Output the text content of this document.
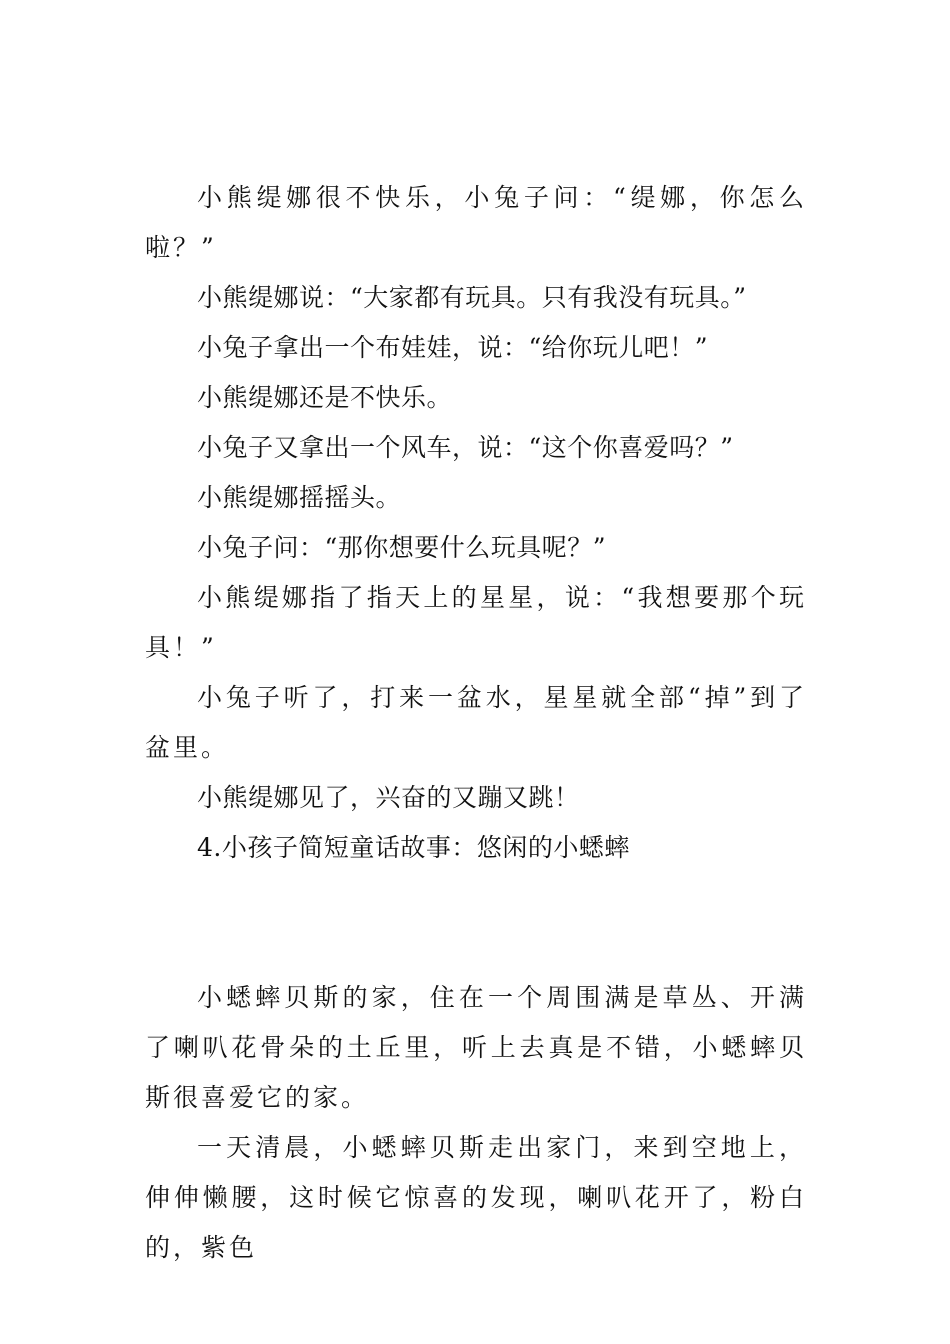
小熊缇娜很不快乐，小兔子问：“缇娜，你怎么啦？”

小熊缇娜说：“大家都有玩具。只有我没有玩具。”

小兔子拿出一个布娃娃，说：“给你玩儿吧！”

小熊缇娜还是不快乐。

小兔子又拿出一个风车，说：“这个你喜爱吗？”

小熊缇娜摇摇头。

小兔子问：“那你想要什么玩具呢？”

小熊缇娜指了指天上的星星，说：“我想要那个玩具！”

小兔子听了，打来一盆水，星星就全部“掉”到了盆里。

小熊缇娜见了，兴奋的又蹦又跳！

4.小孩子简短童话故事：悠闲的小蟋蟀

小蟋蟀贝斯的家，住在一个周围满是草丛、开满了喇叭花骨朵的土丘里，听上去真是不错，小蟋蟀贝斯很喜爱它的家。

一天清晨，小蟋蟀贝斯走出家门，来到空地上，伸伸懒腰，这时候它惊喜的发现，喇叭花开了，粉白的，紫色
